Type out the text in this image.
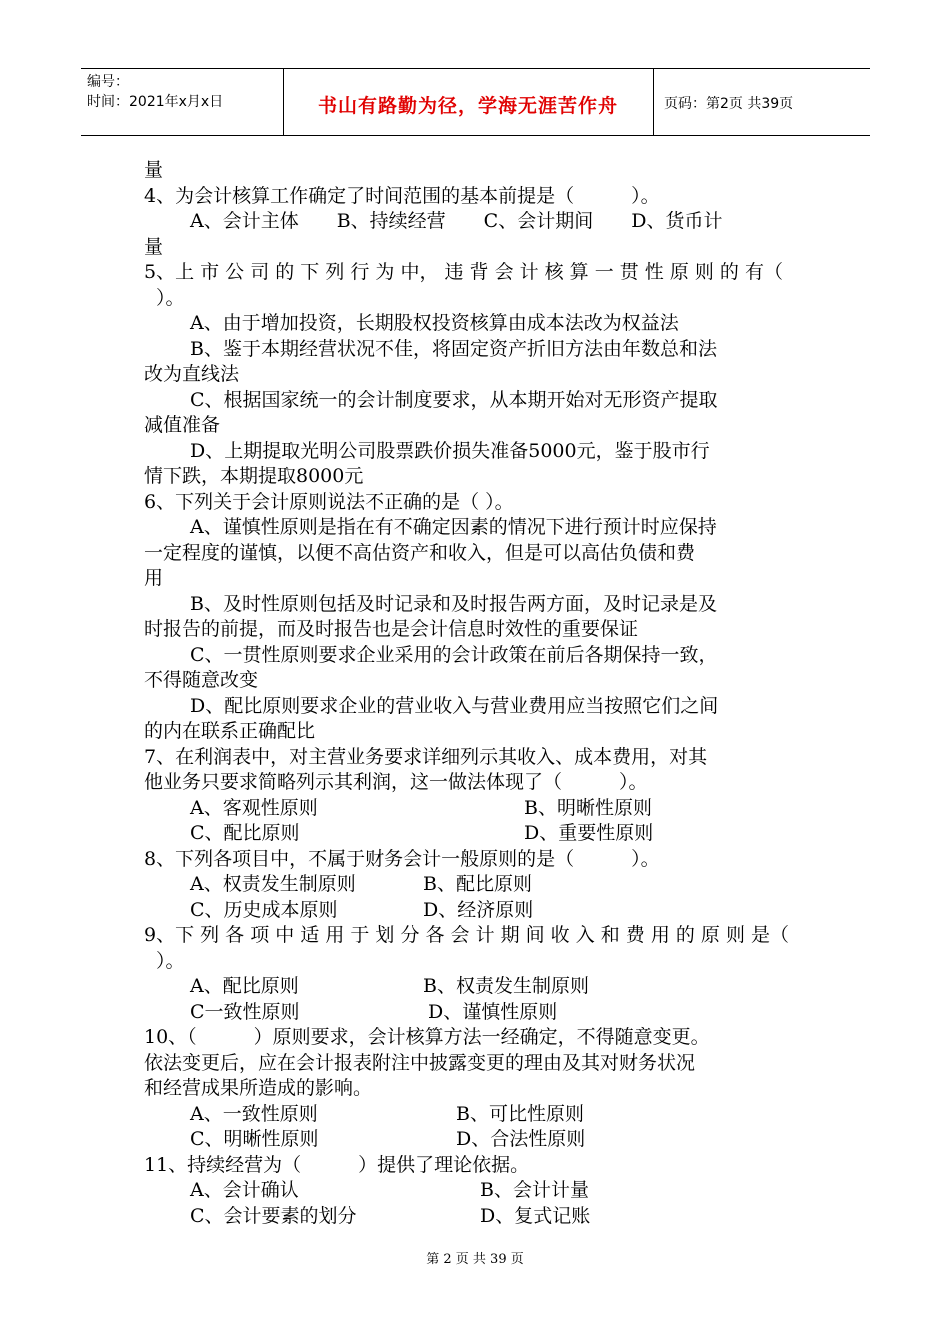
编号：
时间：2021年x月x日	书山有路勤为径，学海无涯苦作舟	页码：第2页 共39页
量
4、为会计核算工作确定了时间范围的基本前提是（　　　）。
A、会计主体　　B、持续经营　　C、会计期间　　D、货币计
量
5、上 市 公 司 的 下 列 行 为 中， 违 背 会 计 核 算 一 贯 性 原 则 的 有（
）。
A、由于增加投资，长期股权投资核算由成本法改为权益法
B、鉴于本期经营状况不佳，将固定资产折旧方法由年数总和法
改为直线法
C、根据国家统一的会计制度要求，从本期开始对无形资产提取
减值准备
D、上期提取光明公司股票跌价损失准备5000元，鉴于股市行
情下跌，本期提取8000元
6、下列关于会计原则说法不正确的是（ ）。
A、谨慎性原则是指在有不确定因素的情况下进行预计时应保持
一定程度的谨慎，以便不高估资产和收入，但是可以高估负债和费
用
B、及时性原则包括及时记录和及时报告两方面，及时记录是及
时报告的前提，而及时报告也是会计信息时效性的重要保证
C、一贯性原则要求企业采用的会计政策在前后各期保持一致，
不得随意改变
D、配比原则要求企业的营业收入与营业费用应当按照它们之间
的内在联系正确配比
7、在利润表中，对主营业务要求详细列示其收入、成本费用，对其
他业务只要求简略列示其利润，这一做法体现了（　　　）。
A、客观性原则	B、明晰性原则
C、配比原则	D、重要性原则
8、下列各项目中，不属于财务会计一般原则的是（　　　）。
A、权责发生制原则	B、配比原则
C、历史成本原则	D、经济原则
9、下 列 各 项 中 适 用 于 划 分 各 会 计 期 间 收 入 和 费 用 的 原 则 是（
）。
A、配比原则	B、权责发生制原则
C一致性原则	D、谨慎性原则
10、（　　　）原则要求，会计核算方法一经确定，不得随意变更。
依法变更后，应在会计报表附注中披露变更的理由及其对财务状况
和经营成果所造成的影响。
A、一致性原则	B、可比性原则
C、明晰性原则	D、合法性原则
11、持续经营为（　　　）提供了理论依据。
A、会计确认	B、会计计量
C、会计要素的划分	D、复式记账
第 2 页 共 39 页
